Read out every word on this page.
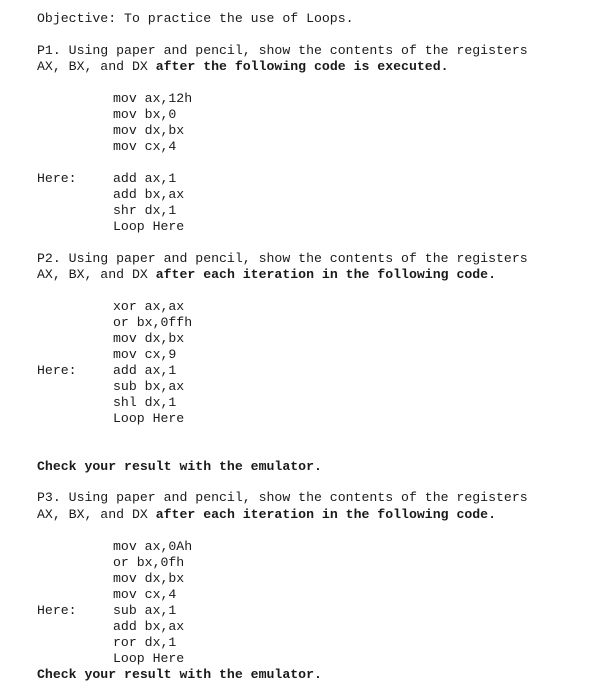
Objective: To practice the use of Loops.
P1. Using paper and pencil, show the contents of the registers
AX, BX, and DX after the following code is executed.
mov ax,12h
mov bx,0
mov dx,bx
mov cx,4
Here:	add ax,1
add bx,ax
shr dx,1
Loop Here
P2. Using paper and pencil, show the contents of the registers
AX, BX, and DX after each iteration in the following code.
xor ax,ax
or bx,0ffh
mov dx,bx
mov cx,9
Here:	add ax,1
sub bx,ax
shl dx,1
Loop Here
Check your result with the emulator.
P3. Using paper and pencil, show the contents of the registers
AX, BX, and DX after each iteration in the following code.
mov ax,0Ah
or bx,0fh
mov dx,bx
mov cx,4
Here:	sub ax,1
add bx,ax
ror dx,1
Loop Here
Check your result with the emulator.
